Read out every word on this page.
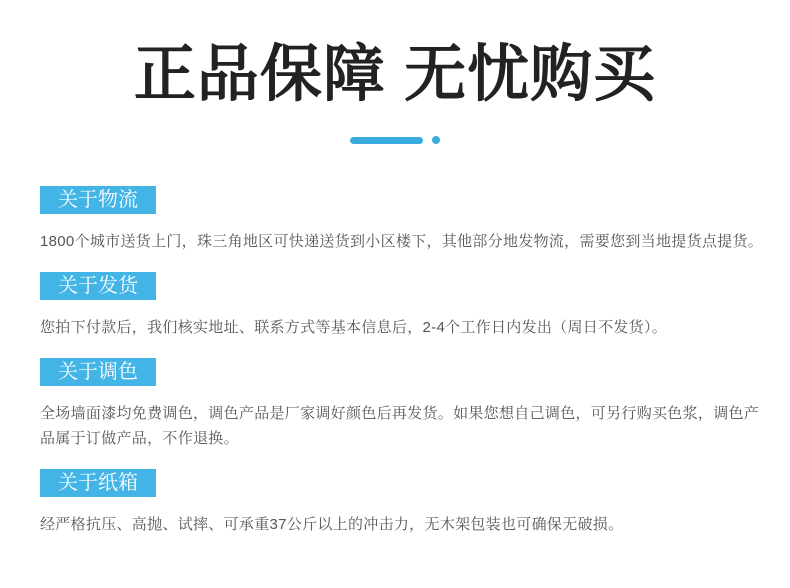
正品保障 无忧购买
关于物流

1800个城市送货上门，珠三角地区可快递送货到小区楼下，其他部分地发物流，需要您到当地提货点提货。

关于发货

您拍下付款后，我们核实地址、联系方式等基本信息后，2-4个工作日内发出（周日不发货）。

关于调色

全场墙面漆均免费调色，调色产品是厂家调好颜色后再发货。如果您想自己调色，可另行购买色浆，调色产品属于订做产品，不作退换。

关于纸箱

经严格抗压、高抛、试摔、可承重37公斤以上的冲击力，无木架包装也可确保无破损。
